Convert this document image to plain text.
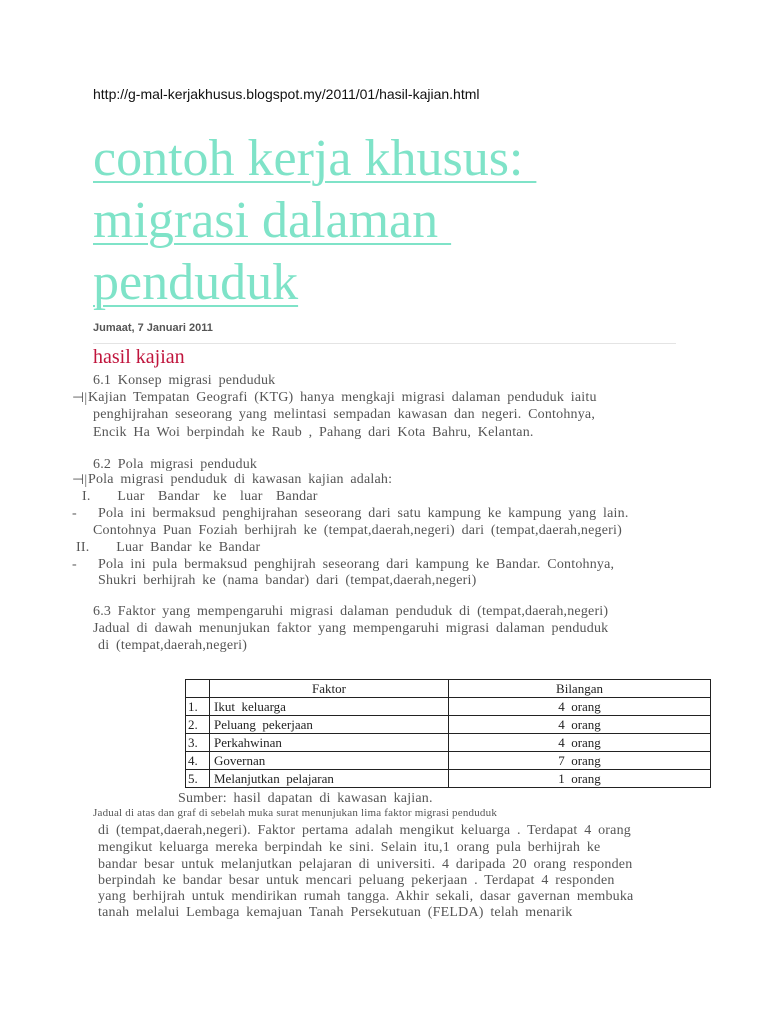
http://g-mal-kerjakhusus.blogspot.my/2011/01/hasil-kajian.html
contoh kerja khusus:
migrasi dalaman
penduduk
Jumaat, 7 Januari 2011
hasil kajian
6.1 Konsep migrasi penduduk
⊣| Kajian Tempatan Geografi (KTG) hanya mengkaji migrasi dalaman penduduk iaitu
penghijrahan seseorang yang melintasi sempadan kawasan dan negeri. Contohnya,
Encik Ha Woi berpindah ke Raub , Pahang dari Kota Bahru, Kelantan.
6.2 Pola migrasi penduduk
⊣| Pola migrasi penduduk di kawasan kajian adalah:
I.    Luar  Bandar  ke  luar  Bandar
- Pola ini bermaksud penghijrahan seseorang dari satu kampung ke kampung yang lain.
Contohnya Puan Foziah berhijrah ke (tempat,daerah,negeri) dari (tempat,daerah,negeri)
II.    Luar Bandar ke Bandar
- Pola ini pula bermaksud penghijrah seseorang dari kampung ke Bandar. Contohnya,
Shukri berhijrah ke (nama bandar) dari (tempat,daerah,negeri)
6.3 Faktor yang mempengaruhi migrasi dalaman penduduk di (tempat,daerah,negeri)
Jadual di dawah menunjukan faktor yang mempengaruhi migrasi dalaman penduduk
di (tempat,daerah,negeri)
	Faktor	Bilangan
1.	Ikut  keluarga	4  orang
2.	Peluang  pekerjaan	4  orang
3.	Perkahwinan	4  orang
4.	Governan	7  orang
5.	Melanjutkan  pelajaran	1  orang
Sumber: hasil dapatan di kawasan kajian.
Jadual di atas dan graf di sebelah muka surat menunjukan lima faktor migrasi penduduk
di (tempat,daerah,negeri). Faktor pertama adalah mengikut keluarga . Terdapat 4 orang
mengikut keluarga mereka berpindah ke sini. Selain itu,1 orang pula berhijrah ke
bandar besar untuk melanjutkan pelajaran di universiti. 4 daripada 20 orang responden
berpindah ke bandar besar untuk mencari peluang pekerjaan . Terdapat 4 responden
yang berhijrah untuk mendirikan rumah tangga. Akhir sekali, dasar gavernan membuka
tanah melalui Lembaga kemajuan Tanah Persekutuan (FELDA) telah menarik
